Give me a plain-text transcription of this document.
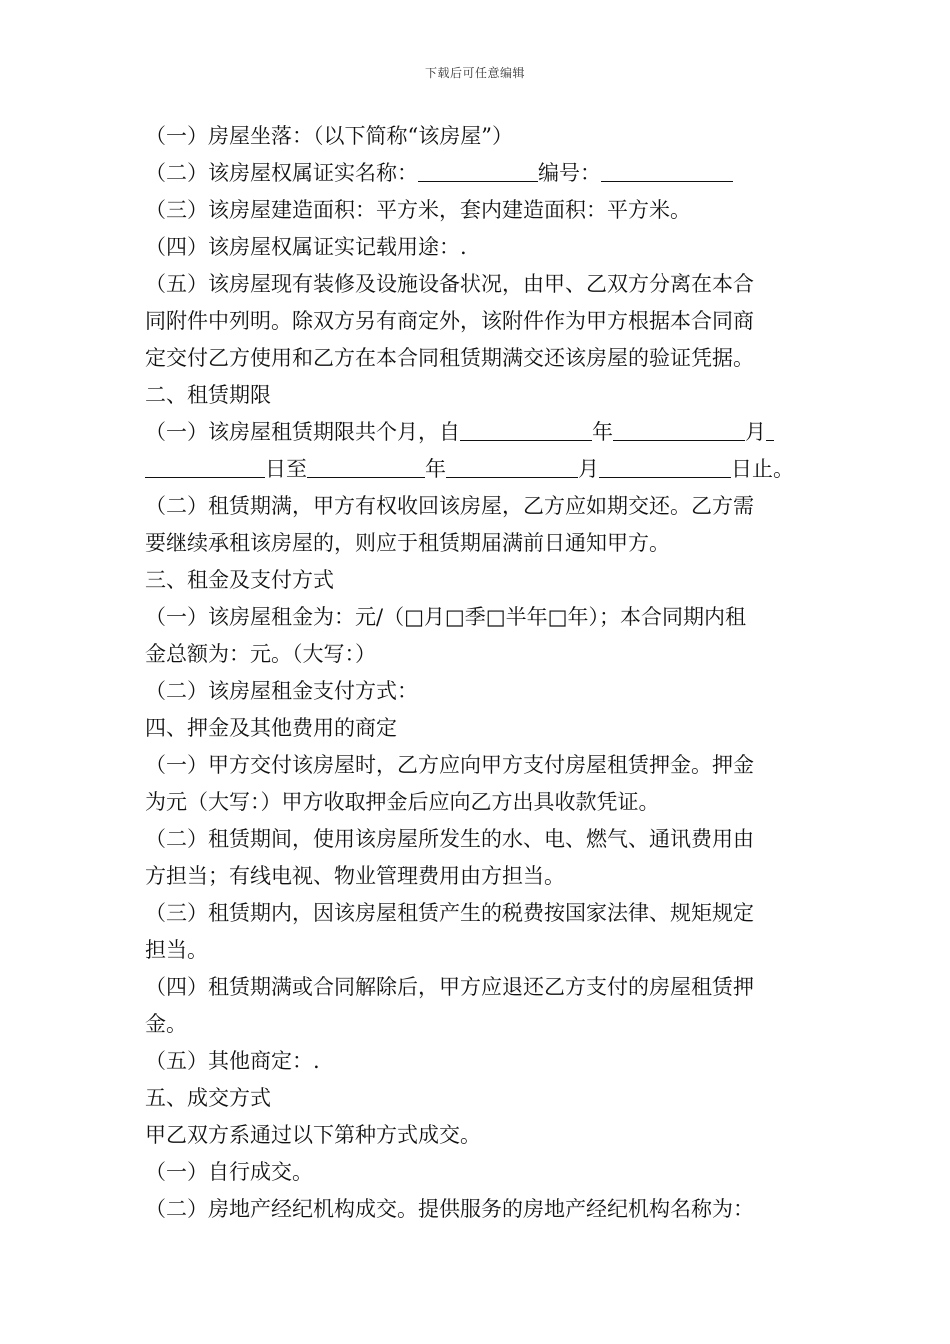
下载后可任意编辑
（一）房屋坐落：（以下简称“该房屋”）
（二）该房屋权属证实名称：	编号：
（三）该房屋建造面积：平方米，套内建造面积：平方米。
（四）该房屋权属证实记载用途：.
（五）该房屋现有装修及设施设备状况，由甲、乙双方分离在本合
同附件中列明。除双方另有商定外，该附件作为甲方根据本合同商
定交付乙方使用和乙方在本合同租赁期满交还该房屋的验证凭据。
二、租赁期限
（一）该房屋租赁期限共个月，自	年	月
日至	年	月	日止。
（二）租赁期满，甲方有权收回该房屋，乙方应如期交还。乙方需
要继续承租该房屋的，则应于租赁期届满前日通知甲方。
三、租金及支付方式
（一）该房屋租金为：元/（□月□季□半年□年）；本合同期内租
金总额为：元。（大写：）
（二）该房屋租金支付方式：
四、押金及其他费用的商定
（一）甲方交付该房屋时，乙方应向甲方支付房屋租赁押金。押金
为元（大写：）甲方收取押金后应向乙方出具收款凭证。
（二）租赁期间，使用该房屋所发生的水、电、燃气、通讯费用由
方担当；有线电视、物业管理费用由方担当。
（三）租赁期内，因该房屋租赁产生的税费按国家法律、规矩规定
担当。
（四）租赁期满或合同解除后，甲方应退还乙方支付的房屋租赁押
金。
（五）其他商定：.
五、成交方式
甲乙双方系通过以下第种方式成交。
（一）自行成交。
（二）房地产经纪机构成交。提供服务的房地产经纪机构名称为：
